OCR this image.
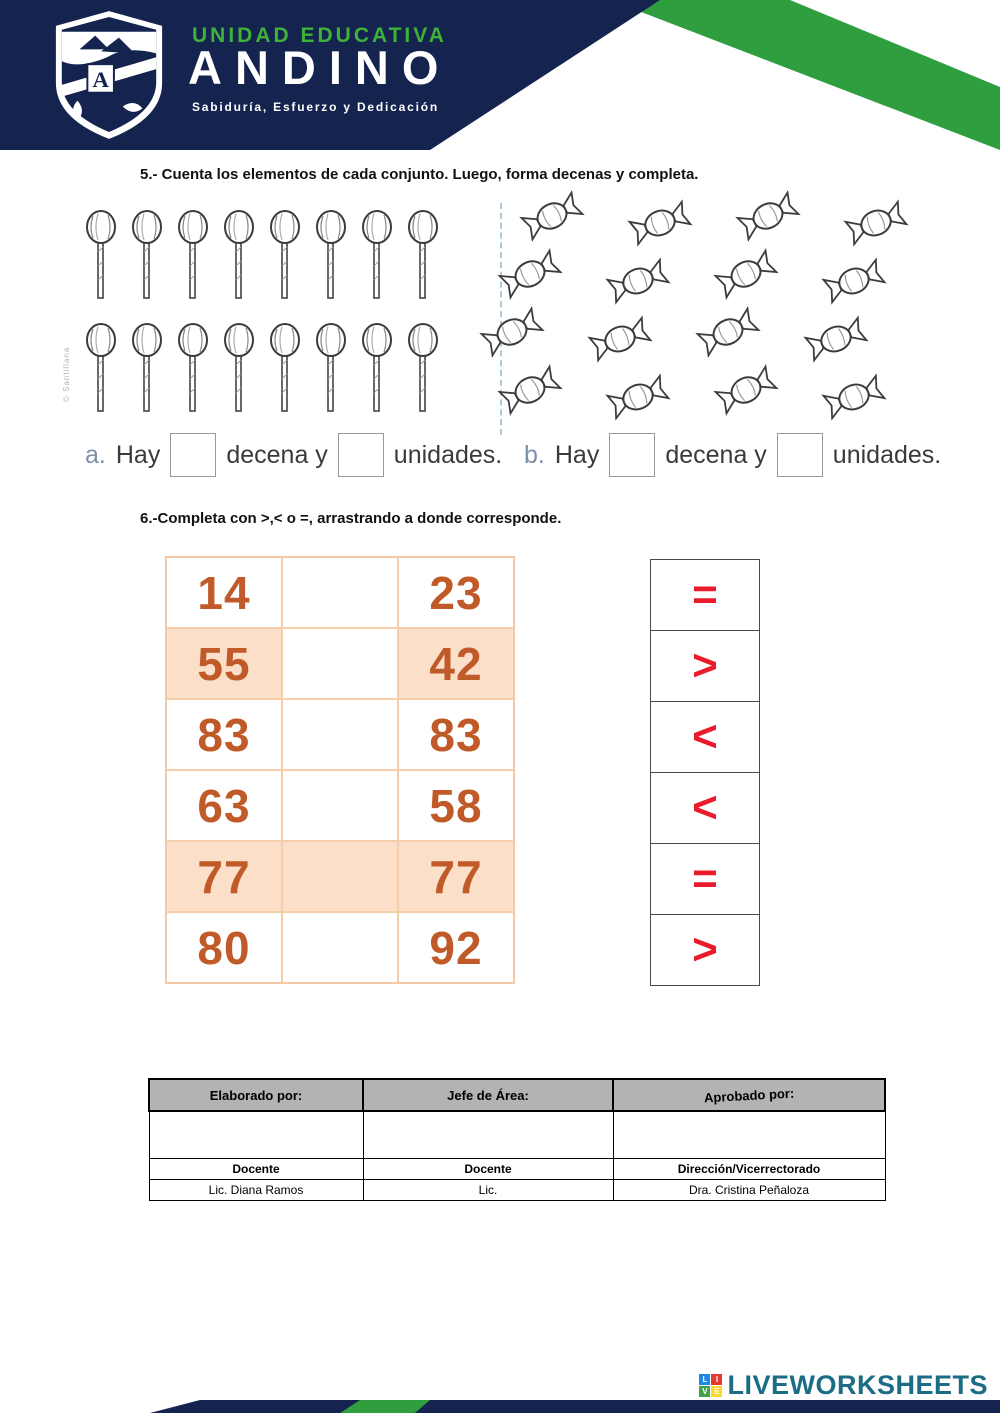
A
UNIDAD EDUCATIVA
ANDINO
Sabiduría, Esfuerzo y Dedicación
5.- Cuenta los elementos de cada conjunto. Luego, forma decenas y completa.
© Santillana
a. Hay	decena y	unidades. b. Hay	decena y	unidades.
6.-Completa con >,< o =, arrastrando a donde corresponde.
14	23
55	42
83	83
63	58
77	77
80	92
=
>
<
<
=
>
Elaborado por:	Jefe de Área:	Aprobado por:

Docente	Docente	Dirección/Vicerrectorado
Lic. Diana Ramos	Lic.	Dra. Cristina Peñaloza
L	I
V E LIVEWORKSHEETS
